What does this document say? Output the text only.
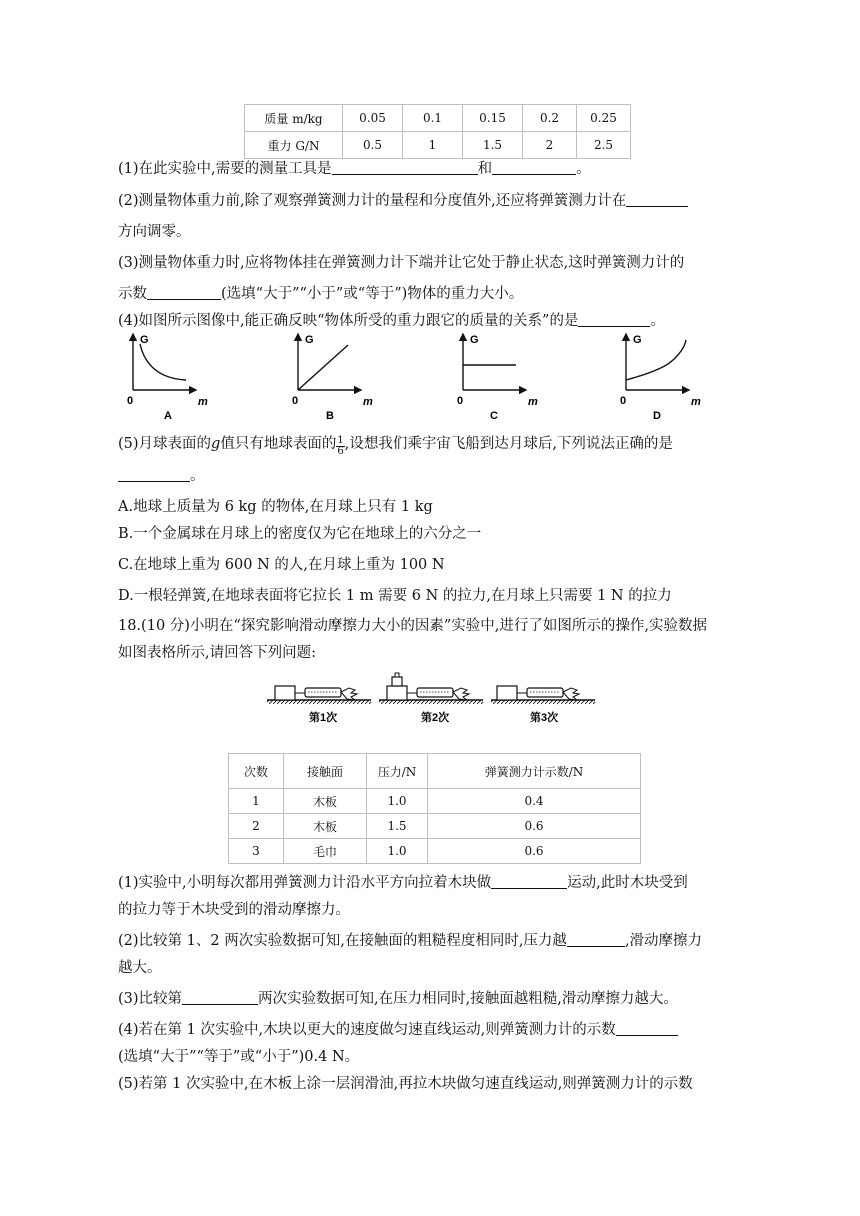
质量 m/kg	0.05	0.1	0.15	0.2	0.25
重力 G/N	0.5	1	1.5	2	2.5
(1)在此实验中,需要的测量工具是	和	。
(2)测量物体重力前,除了观察弹簧测力计的量程和分度值外,还应将弹簧测力计在
方向调零。
(3)测量物体重力时,应将物体挂在弹簧测力计下端并让它处于静止状态,这时弹簧测力计的
示数	(选填“大于”“小于”或“等于”)物体的重力大小。
(4)如图所示图像中,能正确反映“物体所受的重力跟它的质量的关系”的是	。
G
m
0
A
G
m
0
B
G
m
0
C
G
m
0
D
(5)月球表面的g值只有地球表面的 $\frac{1}{6}$ ,设想我们乘宇宙飞船到达月球后,下列说法正确的是
。
A.地球上质量为 6 kg 的物体,在月球上只有 1 kg
B.一个金属球在月球上的密度仅为它在地球上的六分之一
C.在地球上重为 600 N 的人,在月球上重为 100 N
D.一根轻弹簧,在地球表面将它拉长 1 m 需要 6 N 的拉力,在月球上只需要 1 N 的拉力
18.(10 分)小明在“探究影响滑动摩擦力大小的因素”实验中,进行了如图所示的操作,实验数据
如图表格所示,请回答下列问题:
第1次	第2次	第3次
次数	接触面	压力/N	弹簧测力计示数/N
1	木板	1.0	0.4
2	木板	1.5	0.6
3	毛巾	1.0	0.6
(1)实验中,小明每次都用弹簧测力计沿水平方向拉着木块做	运动,此时木块受到
的拉力等于木块受到的滑动摩擦力。
(2)比较第 1、2 两次实验数据可知,在接触面的粗糙程度相同时,压力越	,滑动摩擦力
越大。
(3)比较第	两次实验数据可知,在压力相同时,接触面越粗糙,滑动摩擦力越大。
(4)若在第 1 次实验中,木块以更大的速度做匀速直线运动,则弹簧测力计的示数
(选填“大于”“等于”或“小于”)0.4 N。
(5)若第 1 次实验中,在木板上涂一层润滑油,再拉木块做匀速直线运动,则弹簧测力计的示数
